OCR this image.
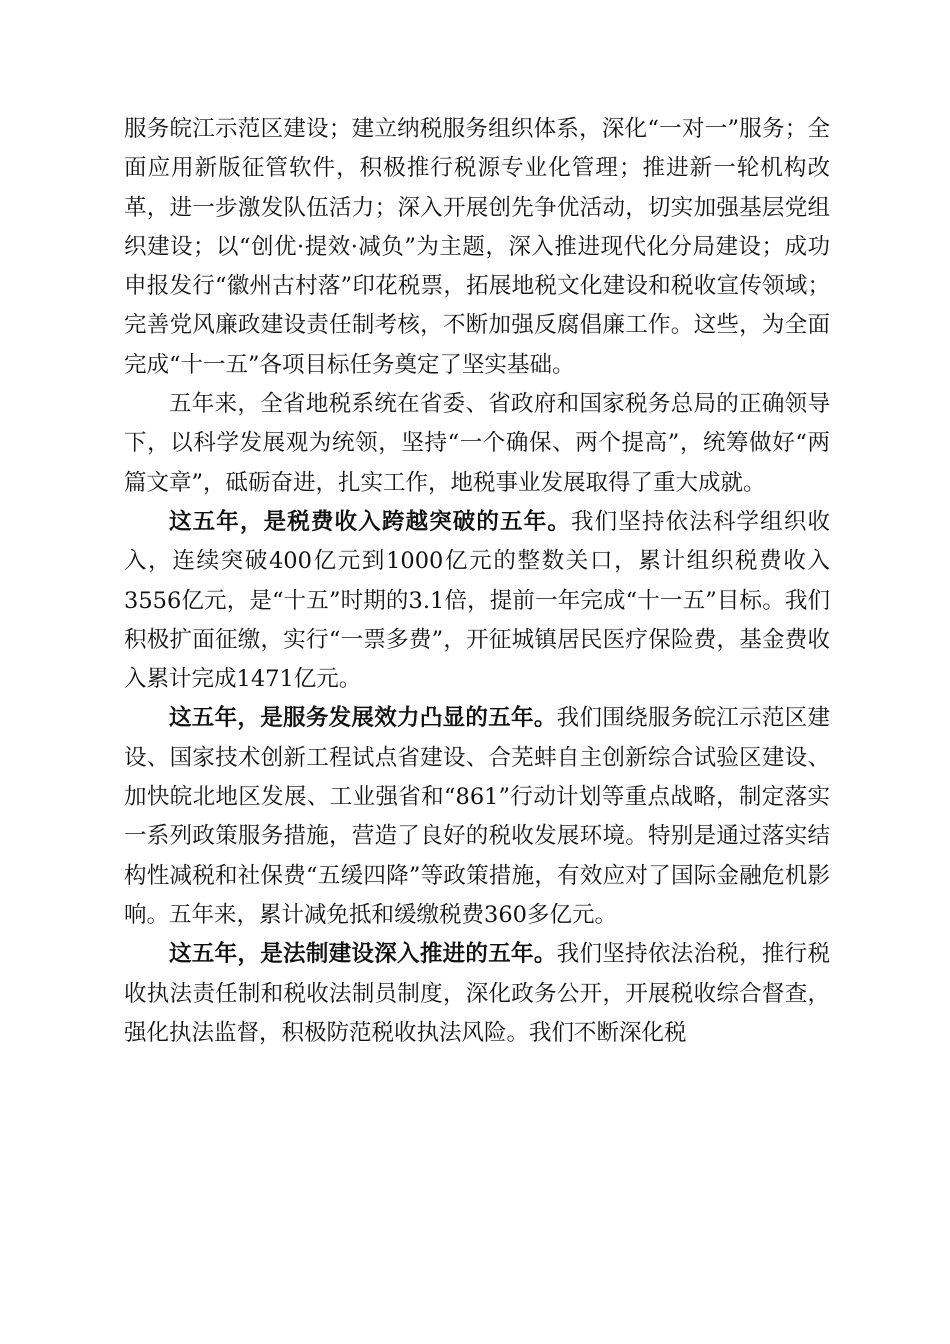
服务皖江示范区建设；建立纳税服务组织体系，深化“一对一”服务；全面应用新版征管软件，积极推行税源专业化管理；推进新一轮机构改革，进一步激发队伍活力；深入开展创先争优活动，切实加强基层党组织建设；以“创优·提效·减负”为主题，深入推进现代化分局建设；成功申报发行“徽州古村落”印花税票，拓展地税文化建设和税收宣传领域；完善党风廉政建设责任制考核，不断加强反腐倡廉工作。这些，为全面完成“十一五”各项目标任务奠定了坚实基础。

五年来，全省地税系统在省委、省政府和国家税务总局的正确领导下，以科学发展观为统领，坚持“一个确保、两个提高”，统筹做好“两篇文章”，砥砺奋进，扎实工作，地税事业发展取得了重大成就。

这五年，是税费收入跨越突破的五年。我们坚持依法科学组织收入，连续突破400亿元到1000亿元的整数关口，累计组织税费收入3556亿元，是“十五”时期的3.1倍，提前一年完成“十一五”目标。我们积极扩面征缴，实行“一票多费”，开征城镇居民医疗保险费，基金费收入累计完成1471亿元。

这五年，是服务发展效力凸显的五年。我们围绕服务皖江示范区建设、国家技术创新工程试点省建设、合芜蚌自主创新综合试验区建设、加快皖北地区发展、工业强省和“861”行动计划等重点战略，制定落实一系列政策服务措施，营造了良好的税收发展环境。特别是通过落实结构性减税和社保费“五缓四降”等政策措施，有效应对了国际金融危机影响。五年来，累计减免抵和缓缴税费360多亿元。

这五年，是法制建设深入推进的五年。我们坚持依法治税，推行税收执法责任制和税收法制员制度，深化政务公开，开展税收综合督查，强化执法监督，积极防范税收执法风险。我们不断深化税
